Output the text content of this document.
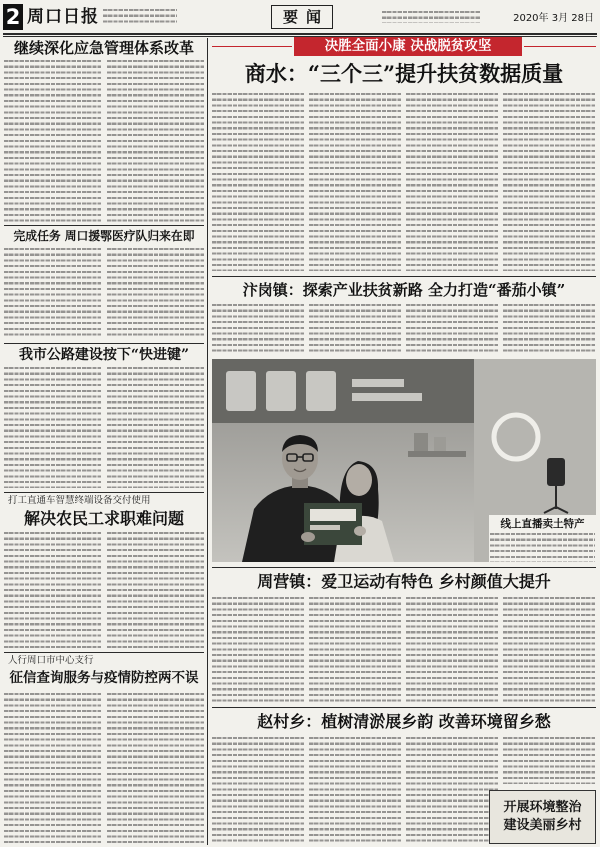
2 周口日报	要闻	2020年 3月 28日
继续深化应急管理体系改革
完成任务 周口援鄂医疗队归来在即
我市公路建设按下“快进键”
打工直通车智慧终端设备交付使用
解决农民工求职难问题
人行周口市中心支行
征信查询服务与疫情防控两不误
决胜全面小康 决战脱贫攻坚
商水：“三个三”提升扶贫数据质量
汴岗镇：探索产业扶贫新路 全力打造“番茄小镇”
线上直播卖土特产
周营镇：爱卫运动有特色 乡村颜值大提升
赵村乡：植树清淤展乡韵 改善环境留乡愁
开展环境整治
建设美丽乡村
